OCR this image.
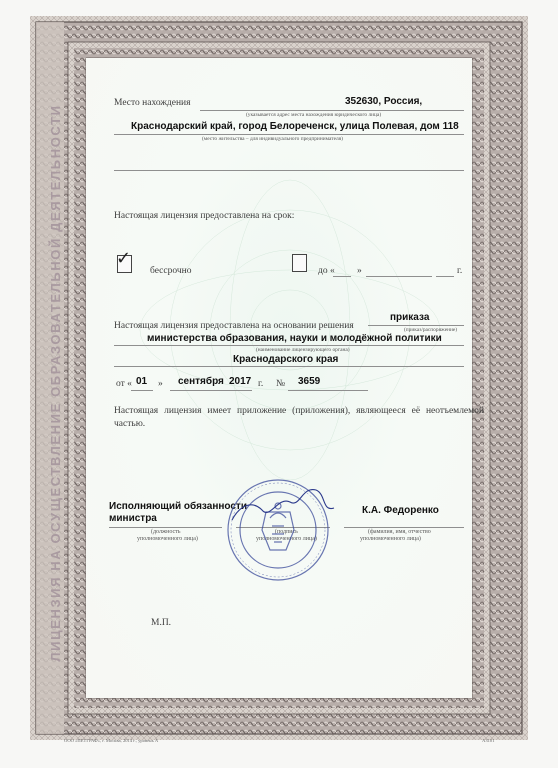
ЛИЦЕНЗИЯ НА ОСУЩЕСТВЛЕНИЕ ОБРАЗОВАТЕЛЬНОЙ ДЕЯТЕЛЬНОСТИ
Место нахождения	352630, Россия,
(указывается адрес места нахождения юридического лица)
Краснодарский край, город Белореченск, улица Полевая, дом 118
(место жительства – для индивидуального предпринимателя)
Настоящая лицензия предоставлена на срок:
✓
бессрочно	до « »	г.
Настоящая лицензия предоставлена на основании решения
приказа
(приказ/распоряжение)
министерства образования, науки и молодёжной политики
(наименование лицензирующего органа)
Краснодарского края
от « 01 » сентября 2017 г. № 3659
Настоящая лицензия имеет приложение (приложения), являющееся её неотъемлемой частью.
Исполняющий обязанности
министра
(должность
уполномоченного лица)
(подпись
уполномоченного лица)
К.А. Федоренко
(фамилия, имя, отчество
уполномоченного лица)
М.П.
ООО «ПЕТГРАФ», г. Москва, 2014 г., уровень А	А3101
